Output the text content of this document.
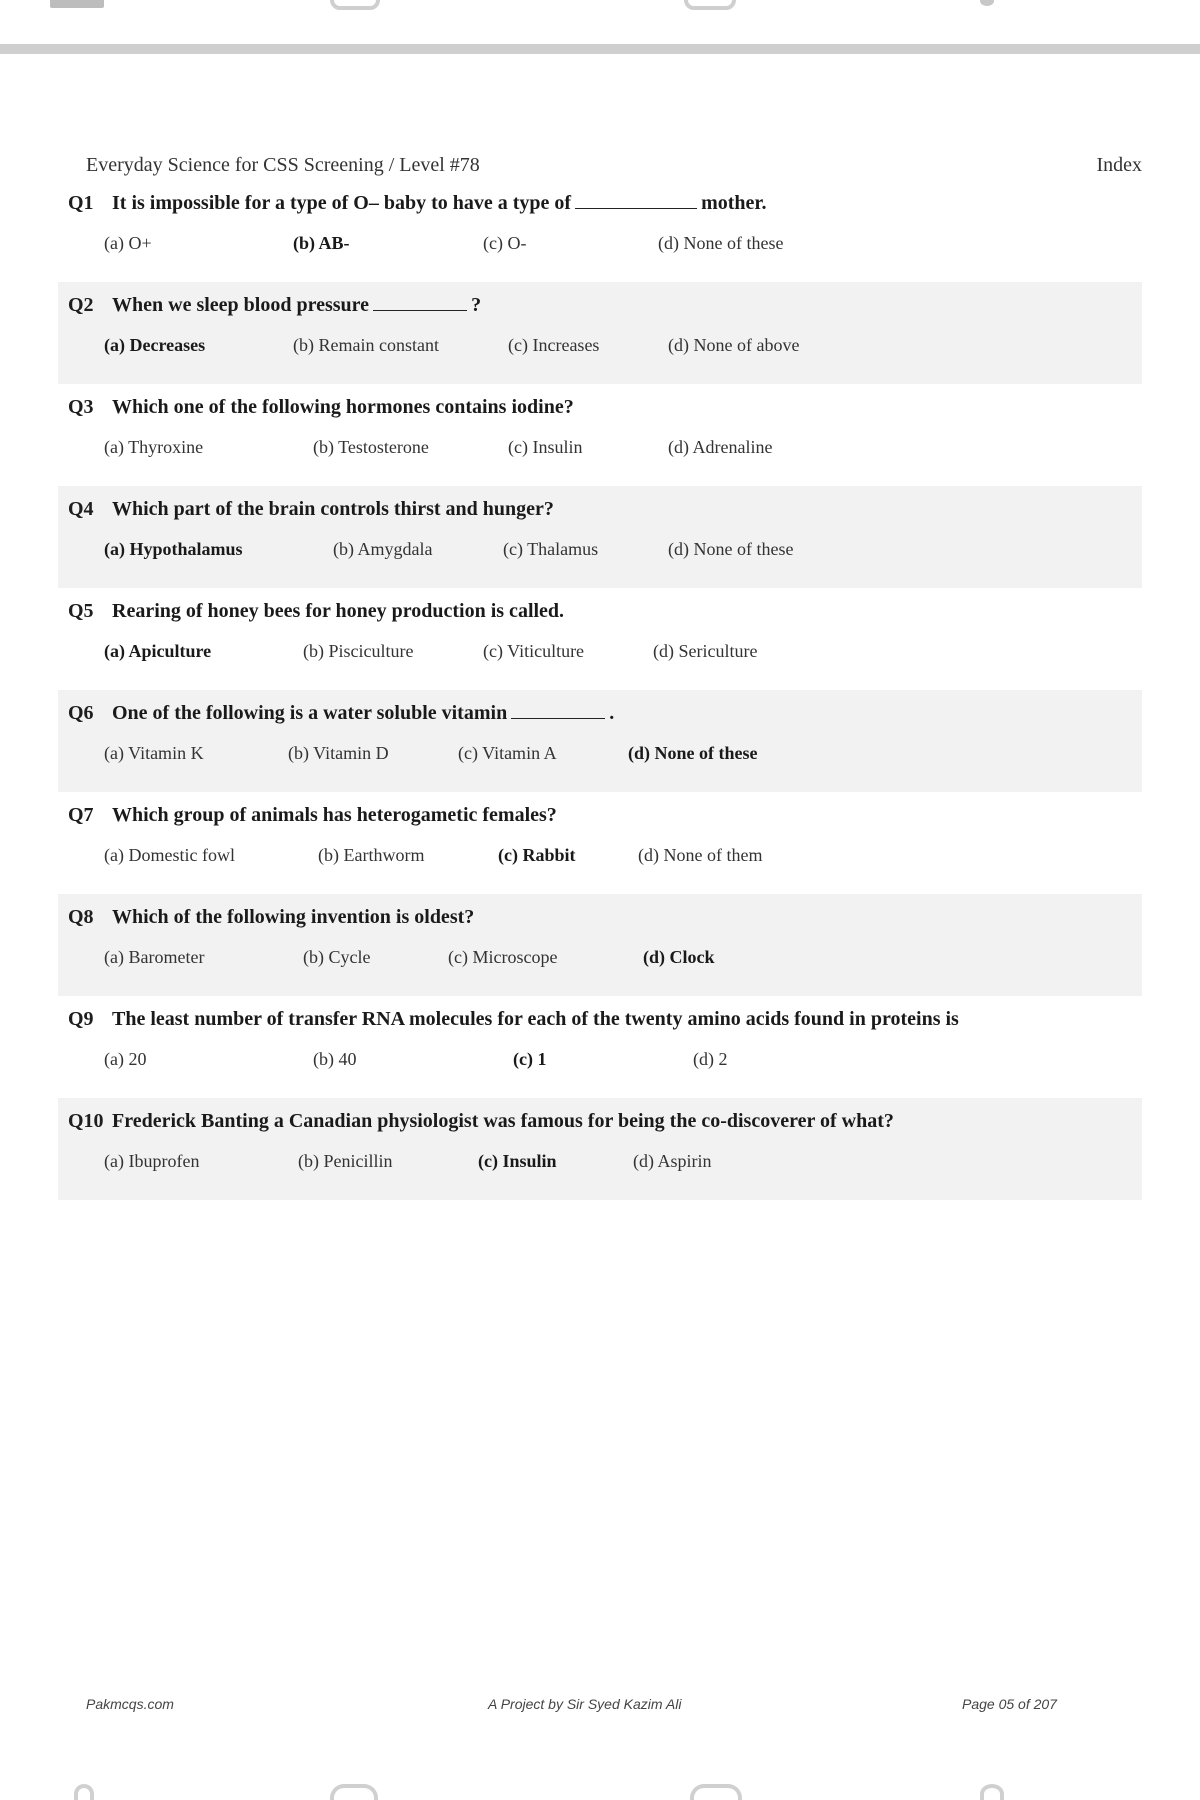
Everyday Science for CSS Screening / Level #78	Index
Q1 It is impossible for a type of O– baby to have a type of	mother.
(a) O+	(b) AB-	(c) O-	(d) None of these
Q2 When we sleep blood pressure	?
(a) Decreases	(b) Remain constant	(c) Increases	(d) None of above
Q3 Which one of the following hormones contains iodine?
(a) Thyroxine	(b) Testosterone	(c) Insulin	(d) Adrenaline
Q4 Which part of the brain controls thirst and hunger?
(a) Hypothalamus	(b) Amygdala	(c) Thalamus	(d) None of these
Q5 Rearing of honey bees for honey production is called.
(a) Apiculture	(b) Pisciculture	(c) Viticulture	(d) Sericulture
Q6 One of the following is a water soluble vitamin	.
(a) Vitamin K	(b) Vitamin D	(c) Vitamin A	(d) None of these
Q7 Which group of animals has heterogametic females?
(a) Domestic fowl	(b) Earthworm	(c) Rabbit	(d) None of them
Q8 Which of the following invention is oldest?
(a) Barometer	(b) Cycle	(c) Microscope	(d) Clock
Q9 The least number of transfer RNA molecules for each of the twenty amino acids found in proteins is
(a) 20	(b) 40	(c) 1	(d) 2
Q10 Frederick Banting a Canadian physiologist was famous for being the co-discoverer of what?
(a) Ibuprofen	(b) Penicillin	(c) Insulin	(d) Aspirin
Pakmcqs.com	A Project by Sir Syed Kazim Ali	Page 05 of 207
